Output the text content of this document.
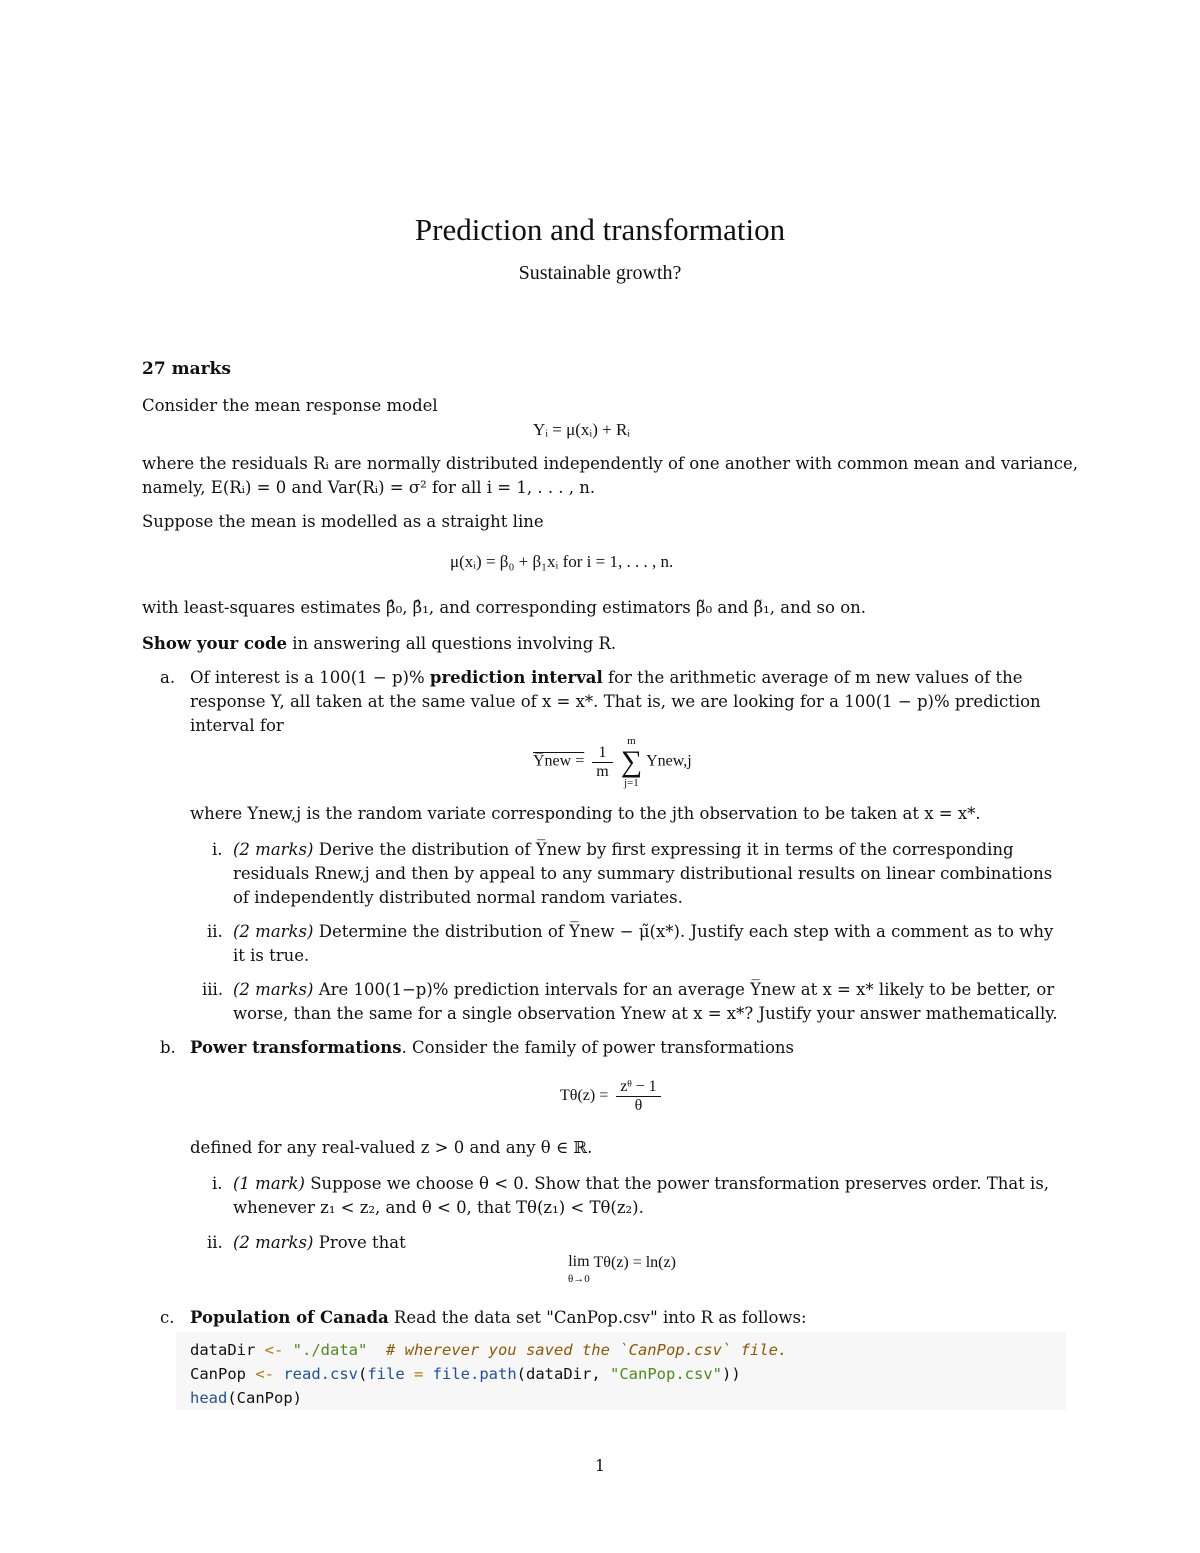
Prediction and transformation
Sustainable growth?
27 marks
Consider the mean response model
Yᵢ = μ(xᵢ) + Rᵢ
where the residuals Rᵢ are normally distributed independently of one another with common mean and variance,
namely, E(Rᵢ) = 0 and Var(Rᵢ) = σ² for all i = 1, . . . , n.
Suppose the mean is modelled as a straight line
μ(xᵢ) = β₀ + β₁xᵢ for i = 1, . . . , n.
with least-squares estimates β̂₀, β̂₁, and corresponding estimators β̃₀ and β̃₁, and so on.
Show your code in answering all questions involving R.
a. Of interest is a 100(1 − p)% prediction interval for the arithmetic average of m new values of the
response Y, all taken at the same value of x = x*. That is, we are looking for a 100(1 − p)% prediction
interval for
Y̅new = $\frac{1}{m}$
m
∑
j=1
Ynew,j
where Ynew,j is the random variate corresponding to the jth observation to be taken at x = x*.
i. (2 marks) Derive the distribution of Y̅new by first expressing it in terms of the corresponding residuals Rnew,j and then by appeal to any summary distributional results on linear combinations of independently distributed normal random variates.
ii. (2 marks) Determine the distribution of Y̅new − μ̃(x*). Justify each step with a comment as to why it is true.
iii. (2 marks) Are 100(1−p)% prediction intervals for an average Y̅new at x = x* likely to be better, or worse, than the same for a single observation Ynew at x = x*? Justify your answer mathematically.
b. Power transformations. Consider the family of power transformations
$T\theta(z) = \frac{\text{zᶿ − 1}}{\theta}$
defined for any real-valued z > 0 and any θ ∈ ℝ.
i. (1 mark) Suppose we choose θ < 0. Show that the power transformation preserves order. That is, whenever z₁ < z₂, and θ < 0, that Tθ(z₁) < Tθ(z₂).
ii. (2 marks) Prove that
lim
θ→0 Tθ(z) = ln(z)
c. Population of Canada Read the data set "CanPop.csv" into R as follows:
dataDir <- "./data"  # wherever you saved the `CanPop.csv` file.
CanPop <- read.csv(file = file.path(dataDir, "CanPop.csv"))
head(CanPop)
1
